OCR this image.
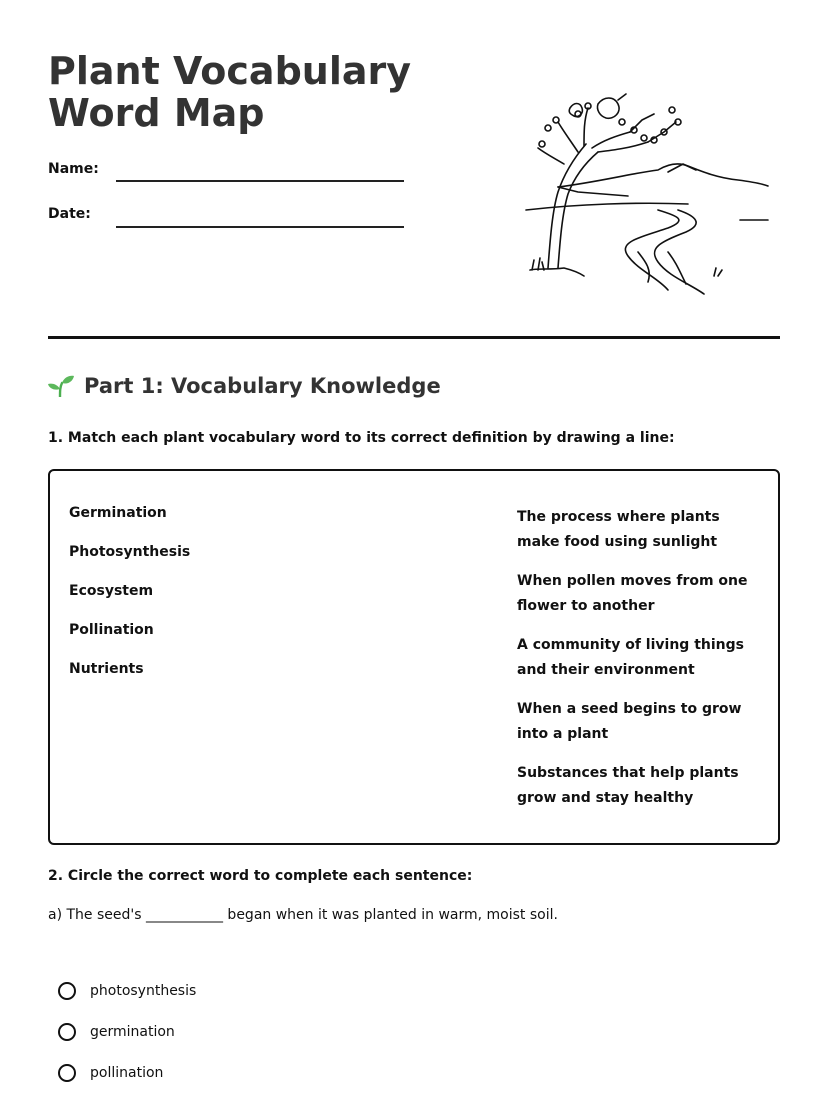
Plant Vocabulary Word Map
Name:
Date:
Part 1: Vocabulary Knowledge

1. Match each plant vocabulary word to its correct definition by drawing a line:

Germination
Photosynthesis
Ecosystem
Pollination
Nutrients
The process where plants make food using sunlight
When pollen moves from one flower to another
A community of living things and their environment
When a seed begins to grow into a plant
Substances that help plants grow and stay healthy

2. Circle the correct word to complete each sentence:

a) The seed's ___________ began when it was planted in warm, moist soil.

photosynthesis
germination
pollination
